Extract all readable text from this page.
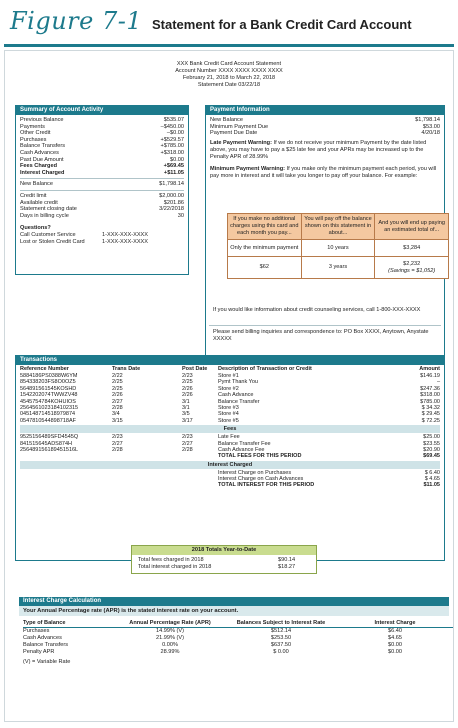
Figure 7-1 Statement for a Bank Credit Card Account
XXX Bank Credit Card Account Statement
Account Number XXXX XXXX XXXX XXXX
February 21, 2018 to March 22, 2018
Statement Date 03/22/18
Summary of Account Activity
Previous Balance	$535.07
Payments	–$450.00
Other Credit	–$0.00
Purchases	+$529.57
Balance Transfers	+$785.00
Cash Advances	+$318.00
Past Due Amount	$0.00
Fees Charged	+$69.45
Interest Charged	+$11.05
New Balance	$1,798.14
Credit limit	$2,000.00
Available credit	$201.86
Statement closing date	3/22/2018
Days in billing cycle	30
Questions?
Call Customer Service	1-XXX-XXX-XXXX
Lost or Stolen Credit Card	1-XXX-XXX-XXXX
Payment Information
New Balance	$1,798.14
Minimum Payment Due	$53.00
Payment Due Date	4/20/18
Late Payment Warning: If we do not receive your minimum Payment by the date listed above, you may have to pay a $25 late fee and your APRs may be increased up to the Penalty APR of 28.99%
Minimum Payment Warning: If you make only the minimum payment each period, you will pay more in interest and it will take you longer to pay off your balance. For example:
If you make no additional charges using this card and each month you pay...	You will pay off the balance shown on this statement in about...	And you will end up paying an estimated total of...
Only the minimum payment	10 years	$3,284
$62	3 years	$2,232
(Savings = $1,052)
If you would like information about credit counseling services, call 1-800-XXX-XXXX
Please send billing inquiries and correspondence to: PO Box XXXX, Anytown, Anystate XXXXX
Transactions
Reference Number	Trans Date	Post Date	Description of Transaction or Credit	Amount
5884186PS0388W6YM	2/22	2/23	Store #1	$146.19
854338203FS8O0OZ5	2/25	2/25	Pymt Thank You	–
564891561545KOSHD	2/25	2/26	Store #2	$247.36
1542202074TWWZV48	2/26	2/26	Cash Advance	$318.00
4545754784KOHUIOS	2/27	3/1	Balance Transfer	$785.00
2564561023184102315	2/28	3/1	Store #3	$ 34.32
045148714518979874	3/4	3/5	Store #4	$ 29.45
0547810544898718AF	3/15	3/17	Store #5	$ 72.25
Fees
9525156489SFD4545Q	2/23	2/23	Late Fee	$25.00
841515645ADS874H	2/27	2/27	Balance Transfer Fee	$23.55
256489156189451516L	2/28	2/28	Cash Advance Fee	$20.90
TOTAL FEES FOR THIS PERIOD	$69.45
Interest Charged
Interest Charge on Purchases	$ 6.40
Interest Charge on Cash Advances	$ 4.65
TOTAL INTEREST FOR THIS PERIOD	$11.05
2018 Totals Year-to-Date
Total fees charged in 2018	$90.14
Total interest charged in 2018	$18.27
Interest Charge Calculation
Your Annual Percentage rate (APR) is the stated interest rate on your account.
Type of Balance	Annual Percentage Rate (APR)	Balances Subject to Interest Rate	Interest Charge
Purchases	14.99% (V)	$512.14	$6.40
Cash Advances	21.99% (V)	$253.50	$4.65
Balance Transfers	0.00%	$637.50	$0.00
Penalty APR	28.99%	$ 0.00	$0.00
(V) = Variable Rate
